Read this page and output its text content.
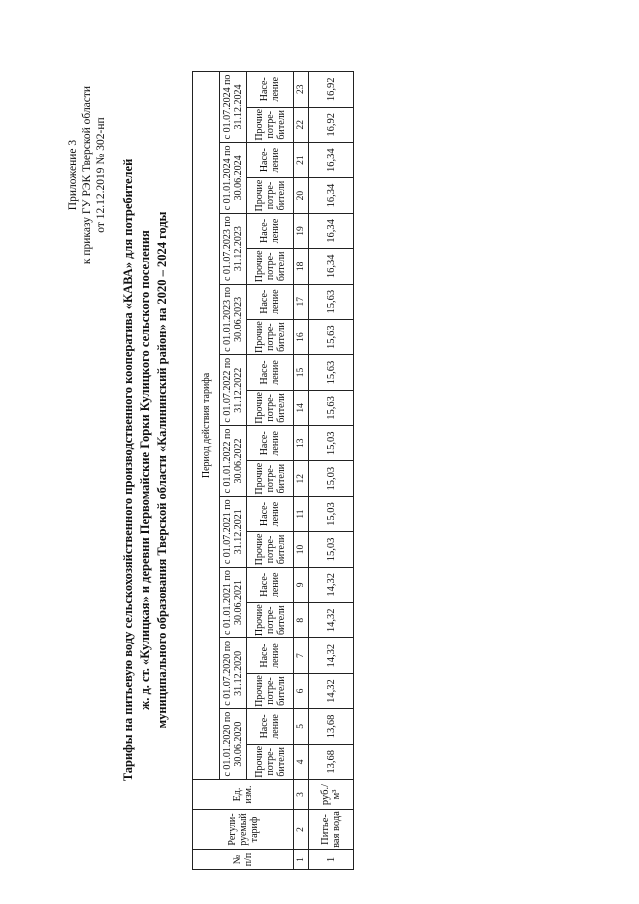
Приложение 3 к приказу ГУ РЭК Тверской области от 12.12.2019 № 302-нп Тарифы на питьевую воду сельскохозяйственного производственного кооператива «КАВА» для потребителей ж. д. ст. «Кулицкая» и деревни Первомайские Горки Кулицкого сельского поселения муниципального образования Тверской области «Калининский район» на 2020 – 2024 годы
№ п/п	Регули-руемый тариф	Ед. изм.	Период действия тарифа																			
			с 01.01.2020 по 30.06.2020		с 01.07.2020 по 31.12.2020		с 01.01.2021 по 30.06.2021		с 01.07.2021 по 31.12.2021		с 01.01.2022 по 30.06.2022		с 01.07.2022 по 31.12.2022		с 01.01.2023 по 30.06.2023		с 01.07.2023 по 31.12.2023		с 01.01.2024 по 30.06.2024		с 01.07.2024 по 31.12.2024	
			Прочие потре-бители	Насе-ление	Прочие потре-бители	Насе-ление	Прочие потре-бители	Насе-ление	Прочие потре-бители	Насе-ление	Прочие потре-бители	Насе-ление	Прочие потре-бители	Насе-ление	Прочие потре-бители	Насе-ление	Прочие потре-бители	Насе-ление	Прочие потре-бители	Насе-ление	Прочие потре-бители	Насе-ление
1	2	3	4	5	6	7	8	9	10	11	12	13	14	15	16	17	18	19	20	21	22	23
1	Питье-вая вода	руб./м³	13,68	13,68	14,32	14,32	14,32	14,32	15,03	15,03	15,03	15,03	15,63	15,63	15,63	15,63	16,34	16,34	16,34	16,34	16,92	16,92
